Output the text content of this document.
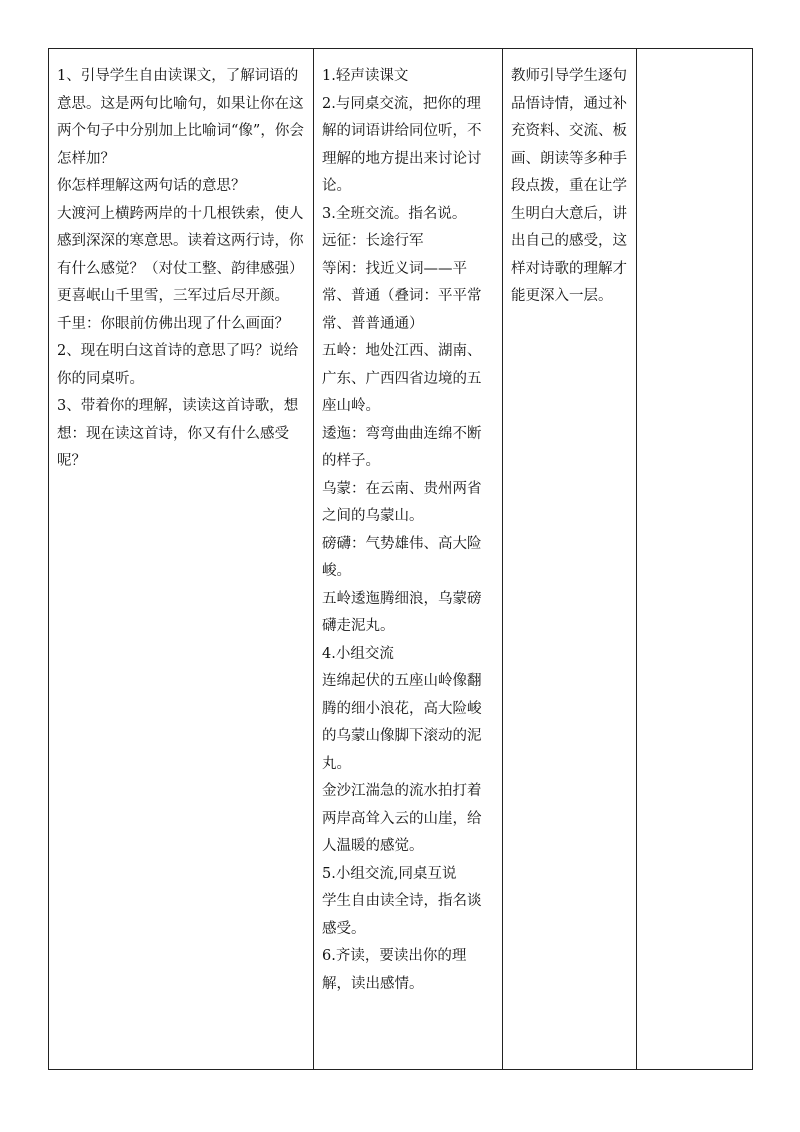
1、引导学生自由读课文，了解词语的意思。这是两句比喻句，如果让你在这两个句子中分别加上比喻词“像”，你会怎样加？
你怎样理解这两句话的意思？
大渡河上横跨两岸的十几根铁索，使人感到深深的寒意思。读着这两行诗，你有什么感觉？（对仗工整、韵律感强）
更喜岷山千里雪，三军过后尽开颜。
千里：你眼前仿佛出现了什么画面？
2、现在明白这首诗的意思了吗？说给你的同桌听。
3、带着你的理解，读读这首诗歌，想想：现在读这首诗，你又有什么感受呢？

1.轻声读课文
2.与同桌交流，把你的理解的词语讲给同位听，不理解的地方提出来讨论讨论。
3.全班交流。指名说。
远征：长途行军
等闲：找近义词——平常、普通（叠词：平平常常、普普通通）
五岭：地处江西、湖南、广东、广西四省边境的五座山岭。
逶迤：弯弯曲曲连绵不断的样子。
乌蒙：在云南、贵州两省之间的乌蒙山。
磅礴：气势雄伟、高大险峻。
五岭逶迤腾细浪，乌蒙磅礴走泥丸。
4.小组交流
连绵起伏的五座山岭像翻腾的细小浪花，高大险峻的乌蒙山像脚下滚动的泥丸。
金沙江湍急的流水拍打着两岸高耸入云的山崖，给人温暖的感觉。
5.小组交流,同桌互说
学生自由读全诗，指名谈感受。
6.齐读，要读出你的理解，读出感情。

教师引导学生逐句品悟诗情，通过补充资料、交流、板画、朗读等多种手段点拨，重在让学生明白大意后，讲出自己的感受，这样对诗歌的理解才能更深入一层。
